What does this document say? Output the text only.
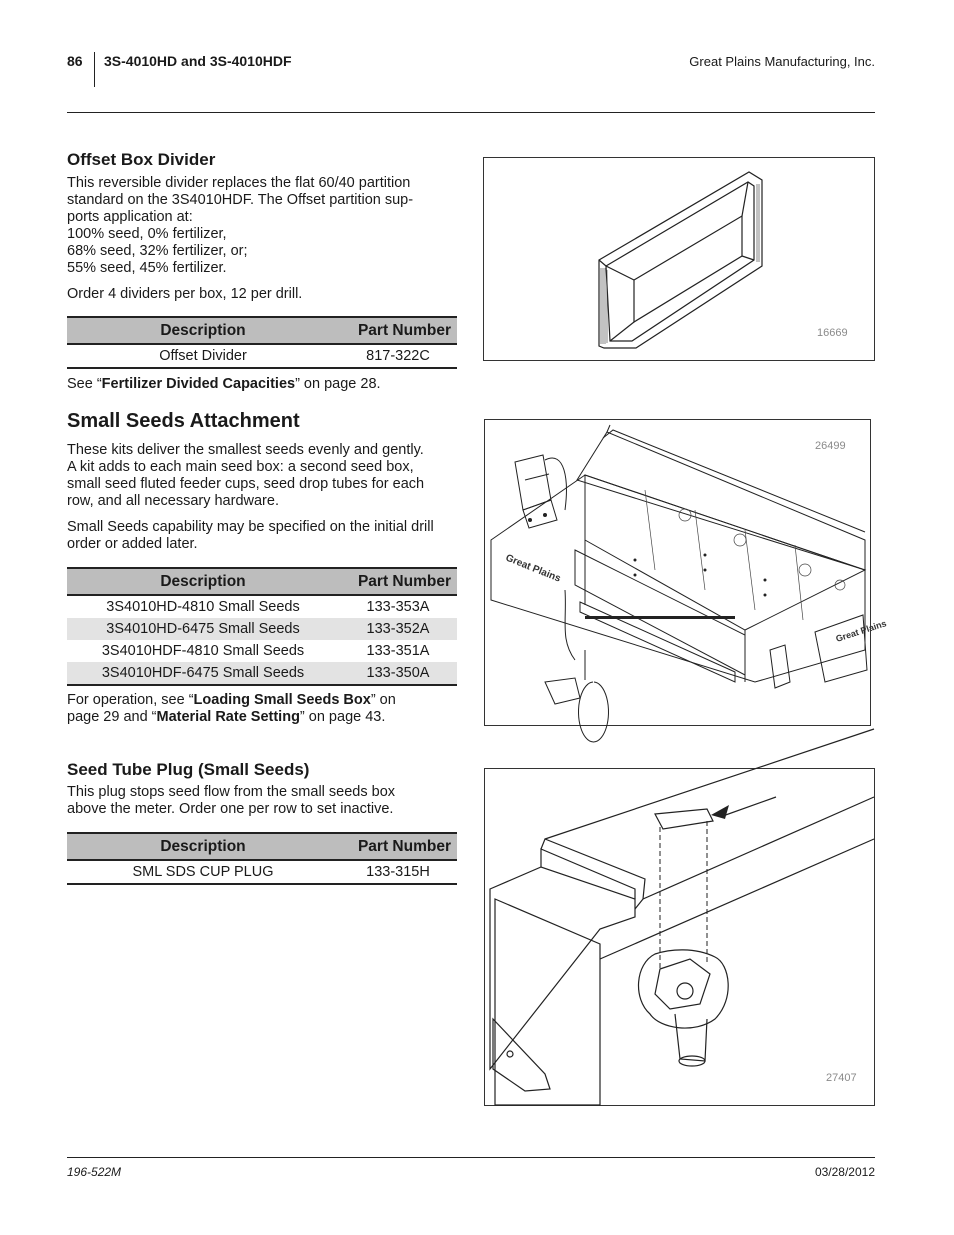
86 3S-4010HD and 3S-4010HDF	Great Plains Manufacturing, Inc.
Offset Box Divider
This reversible divider replaces the flat 60/40 partition
standard on the 3S4010HDF. The Offset partition sup-
ports application at:
100% seed, 0% fertilizer,
68% seed, 32% fertilizer, or;
55% seed, 45% fertilizer.
Order 4 dividers per box, 12 per drill.
Description	Part Number
Offset Divider	817-322C
See “Fertilizer Divided Capacities” on page 28.
16669
Small Seeds Attachment
These kits deliver the smallest seeds evenly and gently.
A kit adds to each main seed box: a second seed box,
small seed fluted feeder cups, seed drop tubes for each
row, and all necessary hardware.
Small Seeds capability may be specified on the initial drill
order or added later.
Description	Part Number
3S4010HD-4810 Small Seeds	133-353A
3S4010HD-6475 Small Seeds	133-352A
3S4010HDF-4810 Small Seeds	133-351A
3S4010HDF-6475 Small Seeds	133-350A
For operation, see “Loading Small Seeds Box” on
page 29 and “Material Rate Setting” on page 43.
Great Plains
Great Plains
26499
Seed Tube Plug (Small Seeds)
This plug stops seed flow from the small seeds box
above the meter. Order one per row to set inactive.
Description	Part Number
SML SDS CUP PLUG	133-315H
27407
196-522M	03/28/2012
